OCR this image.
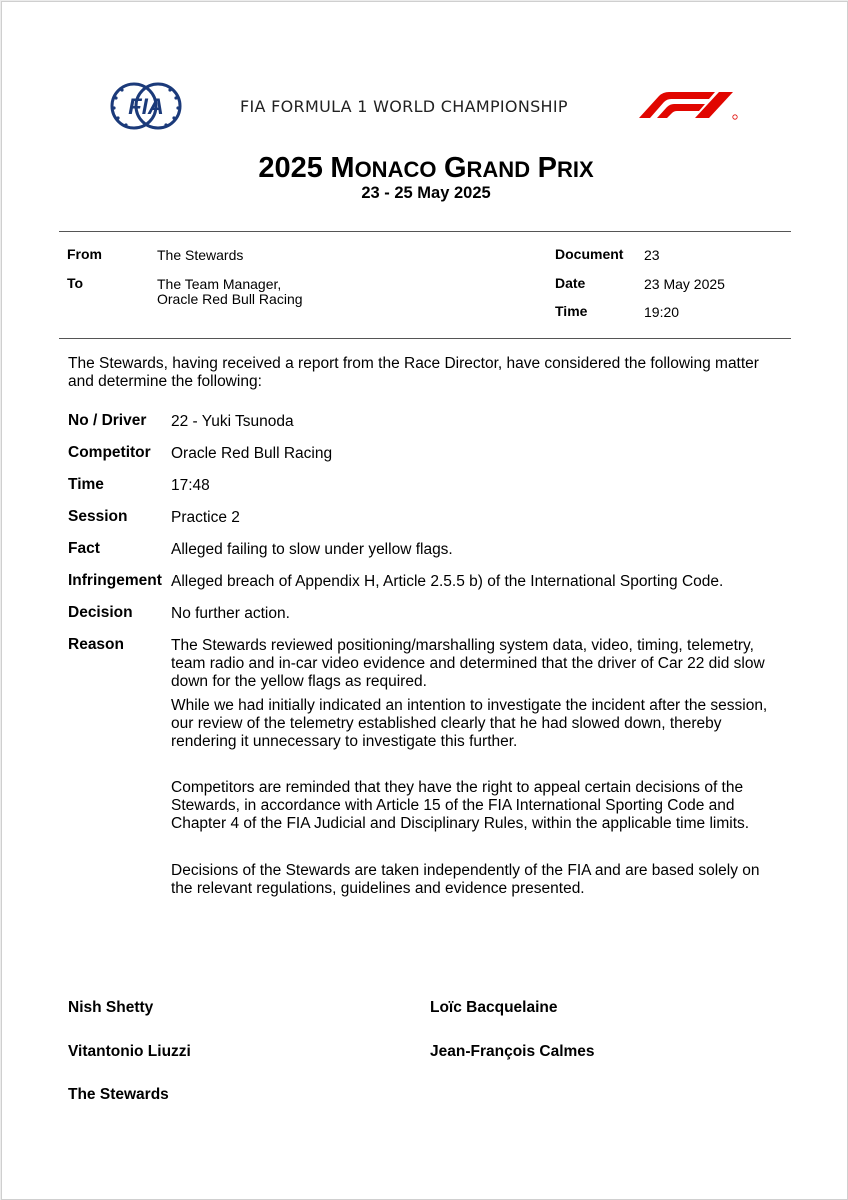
FIA	FIA FORMULA 1 WORLD CHAMPIONSHIP
2025 MONACO GRAND PRIX
23 - 25 May 2025
From	The Stewards
To	The Team Manager,
Oracle Red Bull Racing
Document 23
Date	23 May 2025
Time	19:20
The Stewards, having received a report from the Race Director, have considered the following matter and determine the following:
No / Driver 22 - Yuki Tsunoda
Competitor Oracle Red Bull Racing
Time	17:48
Session	Practice 2
Fact	Alleged failing to slow under yellow flags.
Infringement Alleged breach of Appendix H, Article 2.5.5 b) of the International Sporting Code.
Decision No further action.
Reason	The Stewards reviewed positioning/marshalling system data, video, timing, telemetry, team radio and in-car video evidence and determined that the driver of Car 22 did slow down for the yellow flags as required.
While we had initially indicated an intention to investigate the incident after the session, our review of the telemetry established clearly that he had slowed down, thereby rendering it unnecessary to investigate this further.
Competitors are reminded that they have the right to appeal certain decisions of the Stewards, in accordance with Article 15 of the FIA International Sporting Code and Chapter 4 of the FIA Judicial and Disciplinary Rules, within the applicable time limits.
Decisions of the Stewards are taken independently of the FIA and are based solely on the relevant regulations, guidelines and evidence presented.
Nish Shetty	Loïc Bacquelaine
Vitantonio Liuzzi	Jean-François Calmes
The Stewards
